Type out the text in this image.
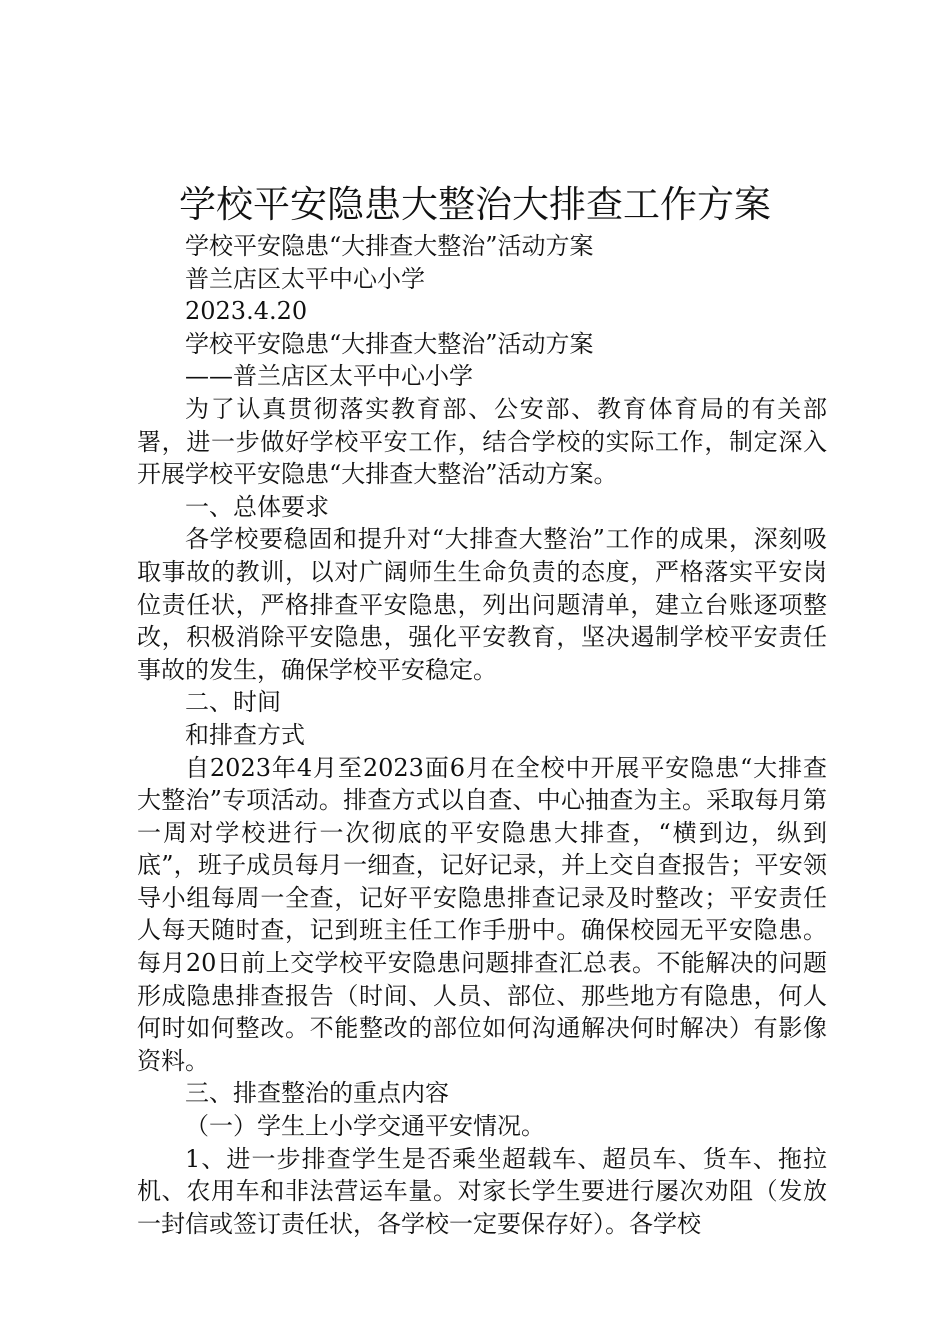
学校平安隐患大整治大排查工作方案

学校平安隐患“大排查大整治”活动方案

普兰店区太平中心小学

2023.4.20

学校平安隐患“大排查大整治”活动方案

——普兰店区太平中心小学

为了认真贯彻落实教育部、公安部、教育体育局的有关部署，进一步做好学校平安工作，结合学校的实际工作，制定深入开展学校平安隐患“大排查大整治”活动方案。

一、总体要求

各学校要稳固和提升对“大排查大整治”工作的成果，深刻吸取事故的教训，以对广阔师生生命负责的态度，严格落实平安岗位责任状，严格排查平安隐患，列出问题清单，建立台账逐项整改，积极消除平安隐患，强化平安教育，坚决遏制学校平安责任事故的发生，确保学校平安稳定。

二、时间

和排查方式

自2023年4月至2023面6月在全校中开展平安隐患“大排查大整治”专项活动。排查方式以自查、中心抽查为主。采取每月第一周对学校进行一次彻底的平安隐患大排查，“横到边，纵到底”，班子成员每月一细查，记好记录，并上交自查报告；平安领导小组每周一全查，记好平安隐患排查记录及时整改；平安责任人每天随时查，记到班主任工作手册中。确保校园无平安隐患。每月20日前上交学校平安隐患问题排查汇总表。不能解决的问题形成隐患排查报告（时间、人员、部位、那些地方有隐患，何人何时如何整改。不能整改的部位如何沟通解决何时解决）有影像资料。

三、排查整治的重点内容

（一）学生上小学交通平安情况。

1、进一步排查学生是否乘坐超载车、超员车、货车、拖拉机、农用车和非法营运车量。对家长学生要进行屡次劝阻（发放一封信或签订责任状，各学校一定要保存好）。各学校
